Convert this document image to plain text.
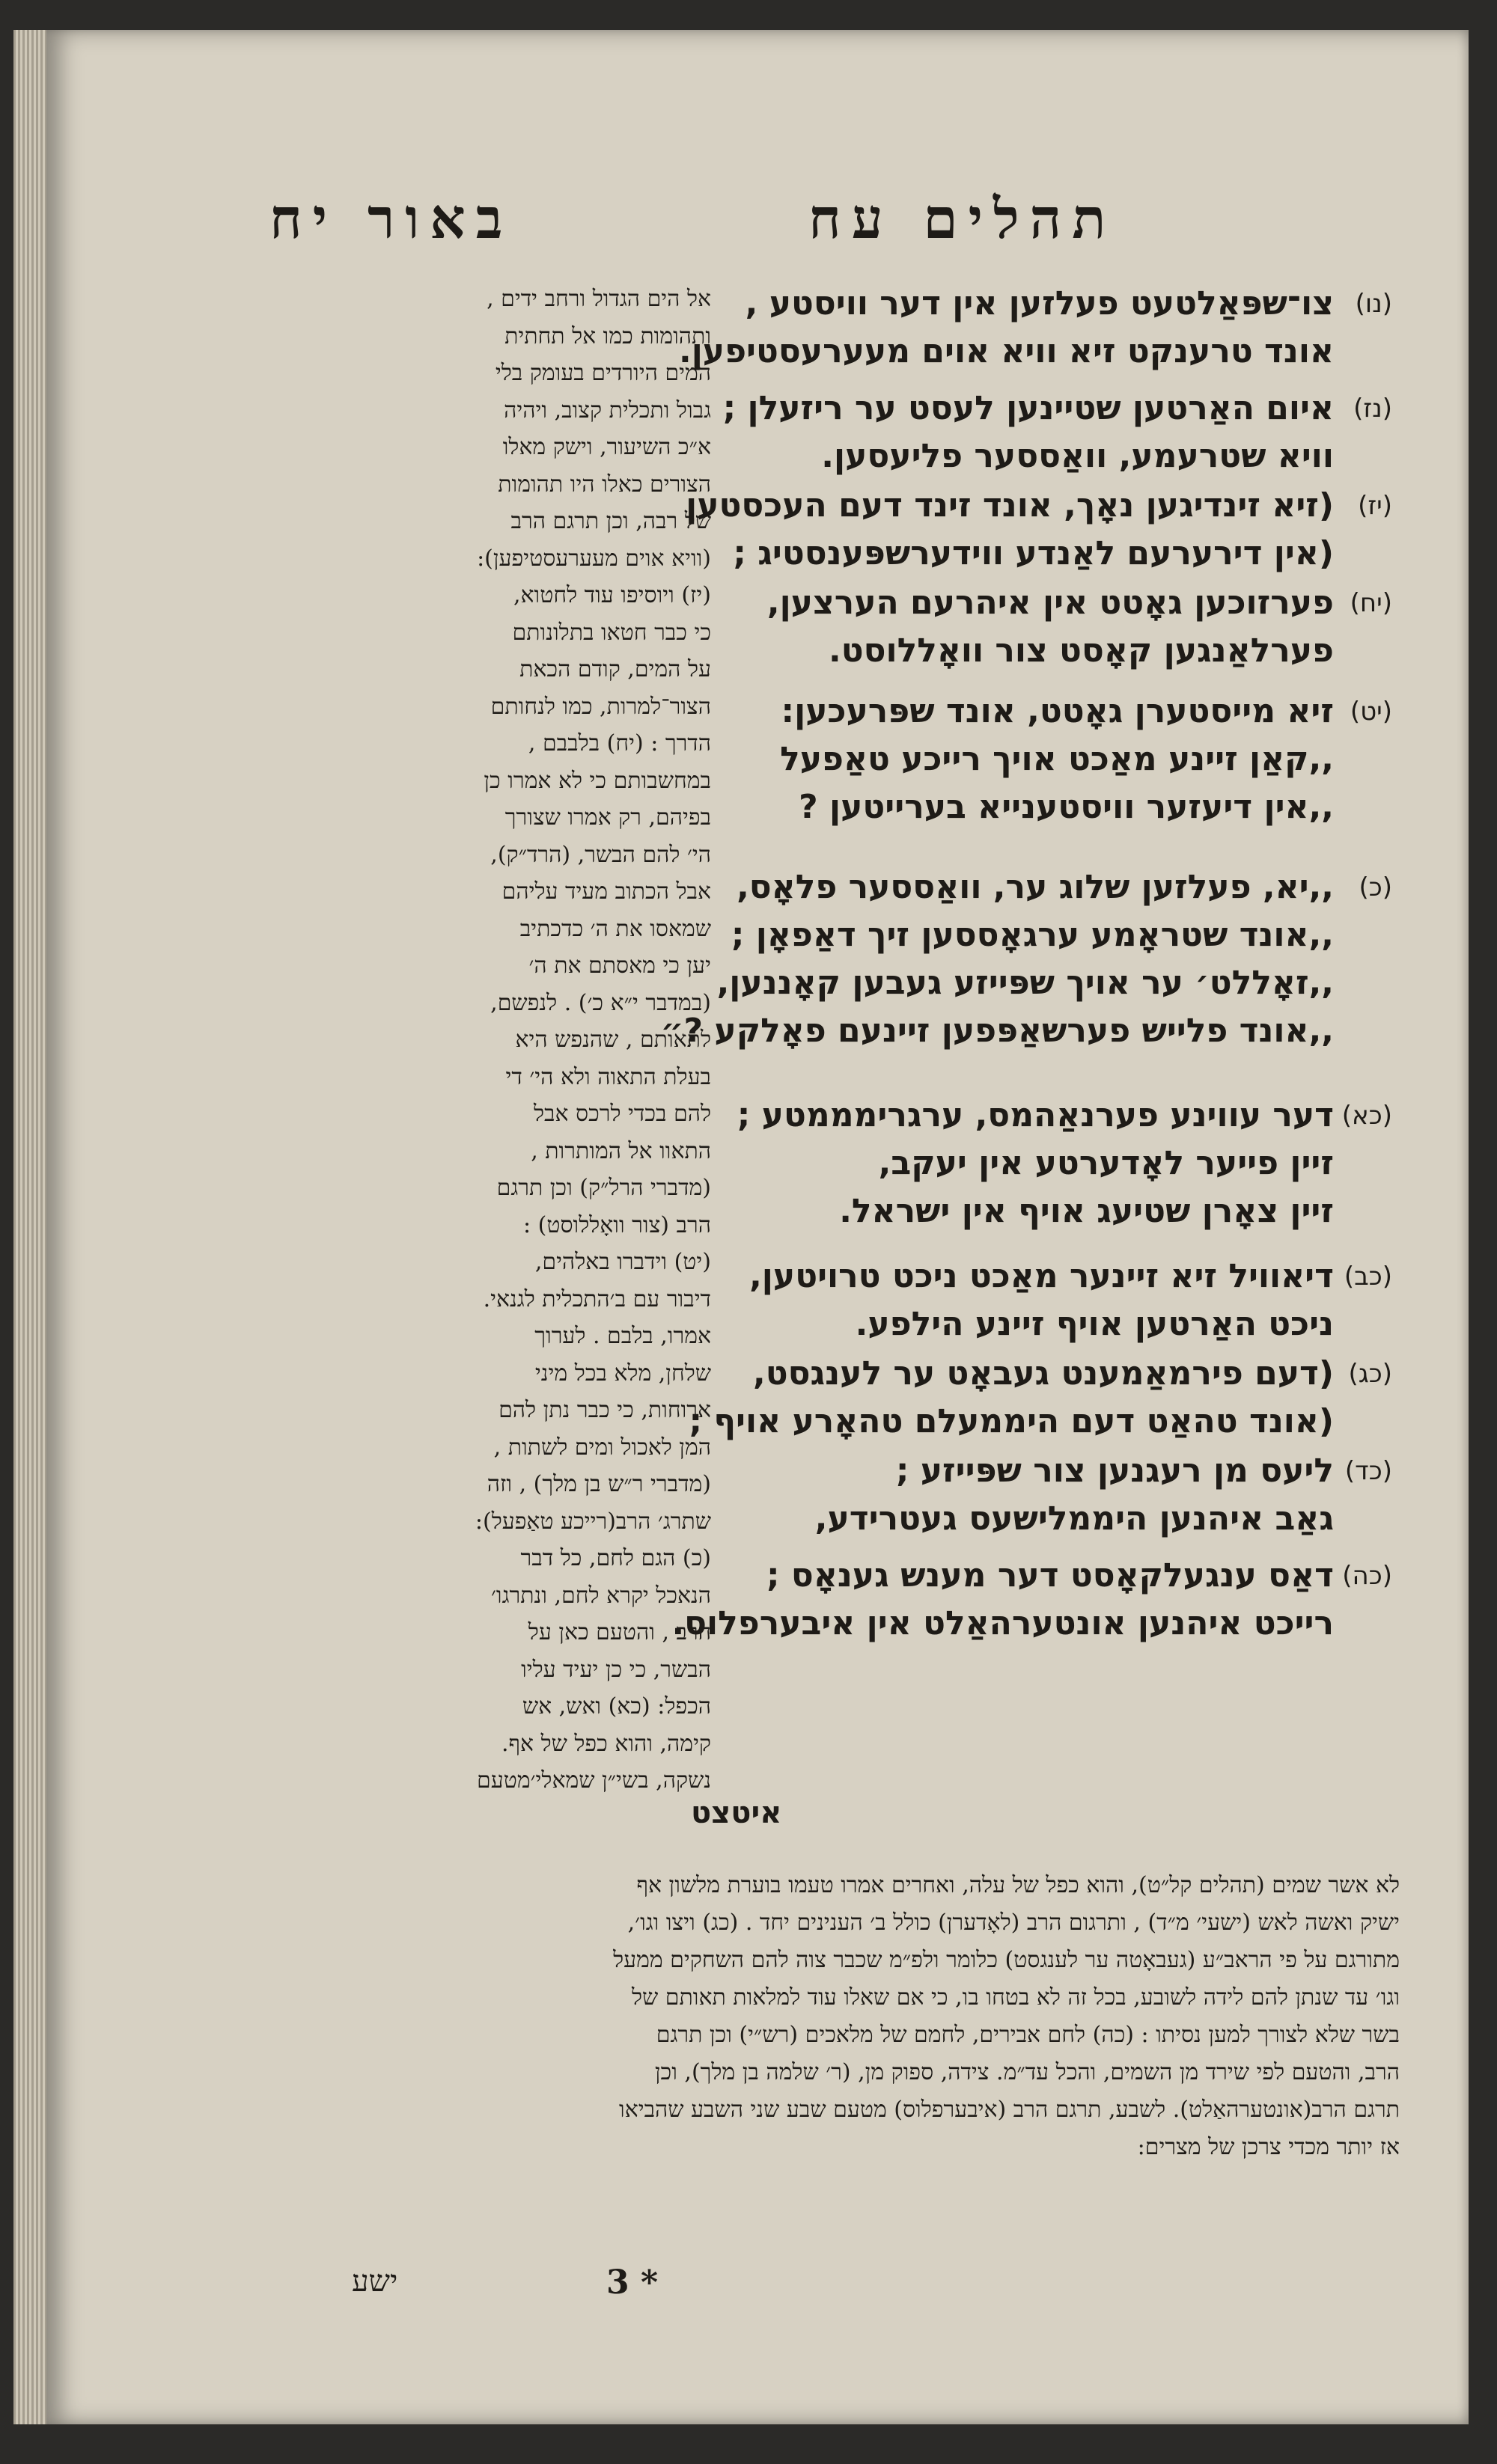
באור יח	תהלים עח
(נו)
צו־שפּאַלטעט פעלזען אין דער וויסטע ,
אונד טרענקט זיא וויא אוים מעערעסטיפען.
(נז)
איום האַרטען שטיינען לעסט ער ריזעלן ;
וויא שטרעמע, וואַססער פליעסען.
(יז)
(זיא זינדיגען נאָך, אונד זינד דעם העכסטען
(אין דירערעם לאַנדע ווידערשפּענסטיג ;
(יח)
פערזוכען גאָטט אין איהרעם הערצען,
פערלאַנגען קאָסט צור וואָללוסט.
(יט)
זיא מייסטערן גאָטט, אונד שפּרעכען:
,,קאַן זיינע מאַכט אויך רייכע טאַפעל
,,אין דיעזער וויסטענייא בערייטען ?
(כ)
,,יא, פעלזען שלוג ער, וואַססער פלאָס,
,,אונד שטראָמע ערגאָססען זיך דאַפאָן ;
,,זאָללט׳ ער אויך שפּייזע געבען קאָננען,
,,אונד פלייש פערשאַפּפען זיינעם פאָלקע ?״
(כא)
דער עווינע פערנאַהמס, ערגרימממטע ;
זיין פייער לאָדערטע אין יעקב,
זיין צאָרן שטיעג אויף אין ישראל.
(כב)
דיאוויל זיא זיינער מאַכט ניכט טרויטען,
ניכט האַרטען אויף זיינע הילפע.
(כג)
(דעם פירמאַמענט געבאָט ער לענגסט,
(אונד טהאַט דעם היממעלם טהאָרע אויף ;
(כד)
ליעס מן רעגנען צור שפּייזע ;
גאַב איהנען היממלישעס געטרידע,
(כה)
דאַס ענגעלקאָסט דער מענש גענאָס ;
רייכט איהנען אונטערהאַלט אין איבערפלוס.
אל הים הגדול ורחב ידים ,
ותהומות כמו אל תחתית
המים היורדים בעומק בלי
גבול ותכלית קצוב, ויהיה
א״כ השיעור, וישק מאלו
הצורים כאלו היו תהומות
של רבה, וכן תרגם הרב
(וויא אוים מעערעסטיפען):
(יז) ויוסיפו עוד לחטוא,
כי כבר חטאו בתלונותם
על המים, קודם הכאת
הצור־למרות, כמו לנחותם
הדרך : (יח) בלבבם ,
במחשבותם כי לא אמרו כן
בפיהם, רק אמרו שצורך
הי׳ להם הבשר, (הרד״ק),
אבל הכתוב מעיד עליהם
שמאסו את ה׳ כדכתיב
יען כי מאסתם את ה׳
(במדבר י״א כ׳) . לנפשם,
לתאותם , שהנפש היא
בעלת התאוה ולא הי׳ די
להם בכדי לרכס אבל
התאוו אל המותרות ,
(מדברי הרל״ק) וכן תרגם
הרב (צור וואָללוסט) :
(יט) וידברו באלהים,
דיבור עם ב׳התכלית לגנאי.
אמרו, בלבם . לערוך
שלחן, מלא בכל מיני
ארוחות, כי כבר נתן להם
המן לאכול ומים לשתות ,
(מדברי ר״ש בן מלך) , וזה
שתרג׳ הרב(רייכע טאַפעל):
(כ) הגם לחם, כל דבר
הנאכל יקרא לחם, ונתרגו׳
הרב , והטעם כאן על
הבשר, כי כן יעיד עליו
הכפל: (כא) ואש, אש
קימה, והוא כפל של אף.
נשקה, בשי״ן שמאלי׳מטעם
איטצט
לא אשר שמים (תהלים קל״ט), והוא כפל של עלה, ואחרים אמרו טעמו בוערת מלשון אף
ישיק ואשה לאש (ישעי׳ מ״ד) , ותרגום הרב (לאָדערן) כולל ב׳ הענינים יחד . (כג) ויצו וגו׳,
מתורגם על פי הראב״ע (געבאָטה ער לענגסט) כלומר ולפ״מ שכבר צוה להם השחקים ממעל
וגו׳ עד שנתן להם לידה לשובע, בכל זה לא בטחו בו, כי אם שאלו עוד למלאות תאותם של
בשר שלא לצורך למען נסיתו : (כה) לחם אבירים, לחמם של מלאכים (רש״י) וכן תרגם
הרב, והטעם לפי שירד מן השמים, והכל עד״מ. צידה, ספוק מן, (ר׳ שלמה בן מלך), וכן
תרגם הרב(אונטערהאַלט). לשבע, תרגם הרב (איבערפלוס) מטעם שבע שני השבע שהביאו
אז יותר מכדי צרכן של מצרים:
3 *
ישע
